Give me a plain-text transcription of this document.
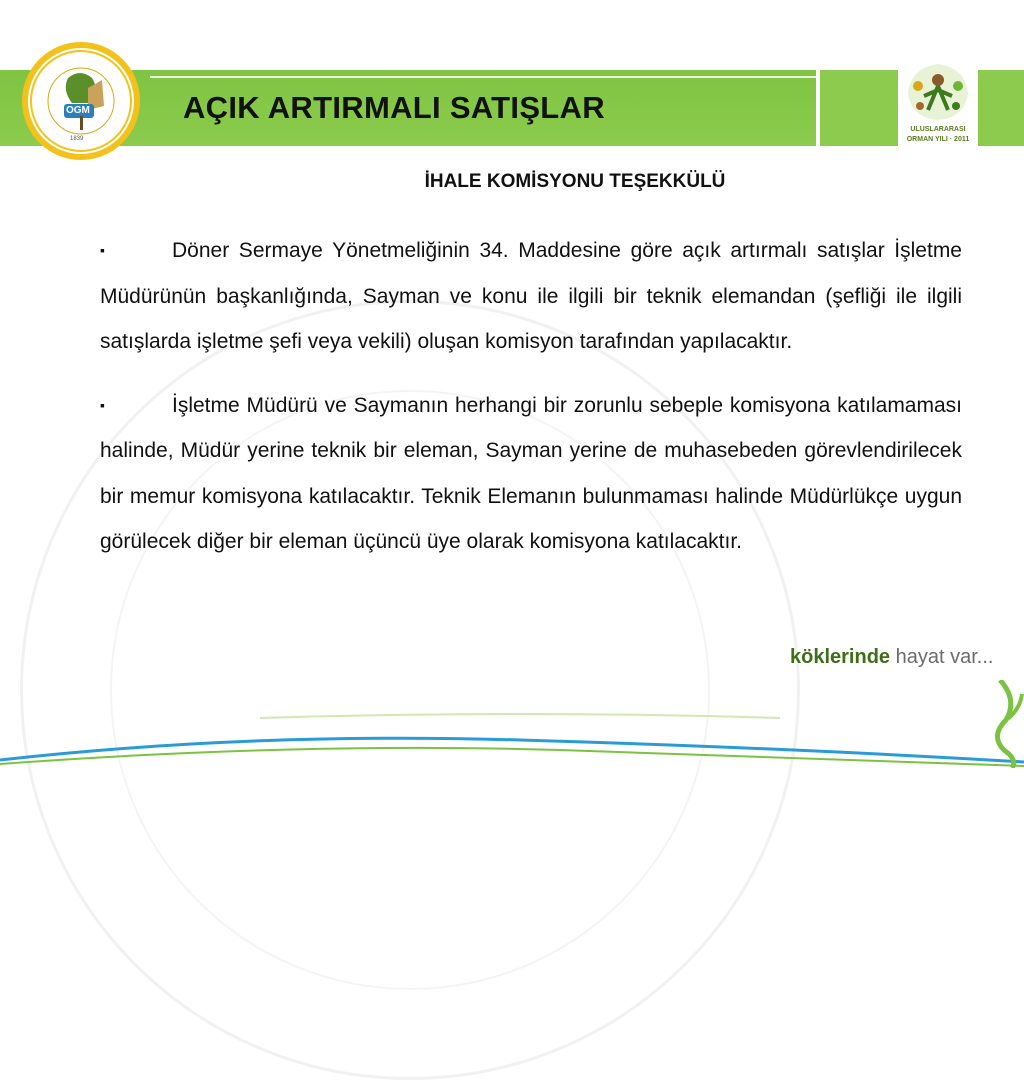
AÇIK ARTIRMALI SATIŞLAR
OGM
1839
ULUSLARARASI
ORMAN YILI · 2011
İHALE KOMİSYONU TEŞEKKÜLÜ

▪	Döner Sermaye Yönetmeliğinin 34. Maddesine göre açık artırmalı satışlar İşletme Müdürünün başkanlığında, Sayman ve konu ile ilgili bir teknik elemandan (şefliği ile ilgili satışlarda işletme şefi veya vekili) oluşan komisyon tarafından yapılacaktır.

▪	İşletme Müdürü ve Saymanın herhangi bir zorunlu sebeple komisyona katılamaması halinde, Müdür yerine teknik bir eleman, Sayman yerine de muhasebeden görevlendirilecek bir memur komisyona katılacaktır. Teknik Elemanın bulunmaması halinde Müdürlükçe uygun görülecek diğer bir eleman üçüncü üye olarak komisyona katılacaktır.

köklerinde hayat var...
